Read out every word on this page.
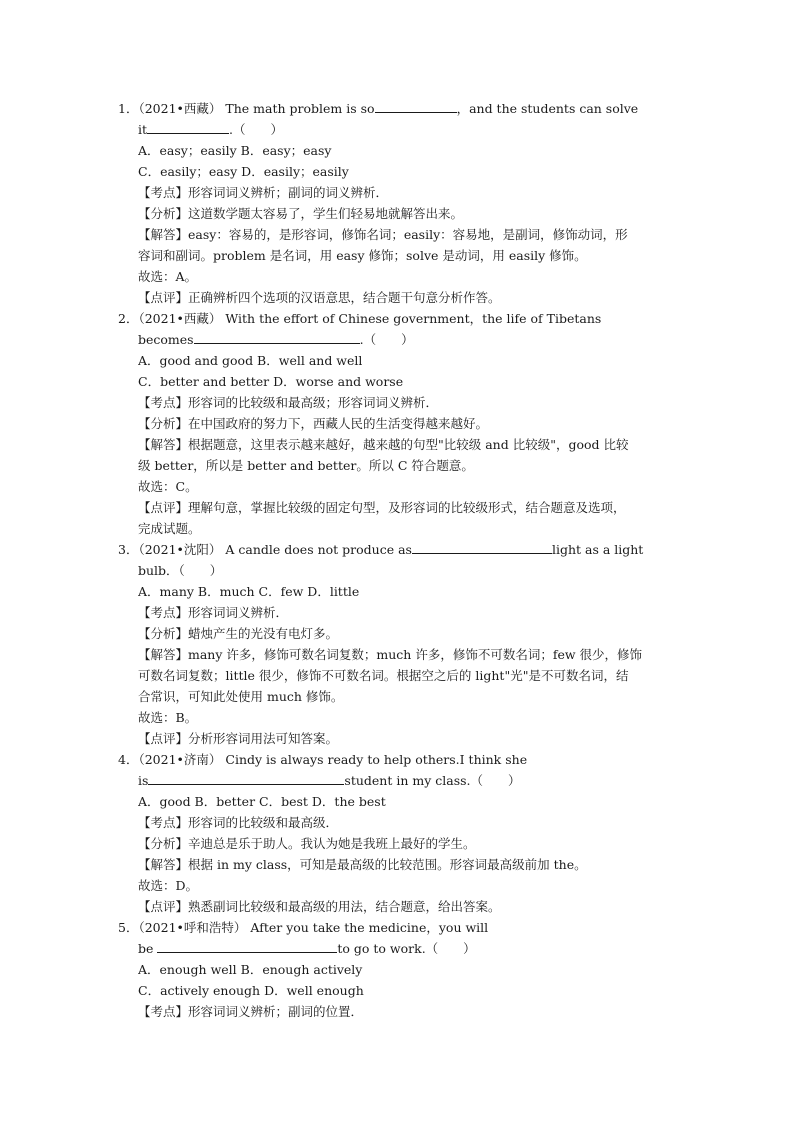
1．（2021•西藏） The math problem is so	，and the students can solve
it	.（　　）
A．easy；easily B．easy；easy
C．easily；easy D．easily；easily
【考点】形容词词义辨析；副词的词义辨析．
【分析】这道数学题太容易了，学生们轻易地就解答出来。
【解答】easy：容易的，是形容词，修饰名词；easily：容易地，是副词，修饰动词，形
容词和副词。problem 是名词，用 easy 修饰；solve 是动词，用 easily 修饰。
故选：A。
【点评】正确辨析四个选项的汉语意思，结合题干句意分析作答。
2．（2021•西藏） With the effort of Chinese government，the life of Tibetans
becomes	.（　　）
A．good and good B．well and well
C．better and better D．worse and worse
【考点】形容词的比较级和最高级；形容词词义辨析．
【分析】在中国政府的努力下，西藏人民的生活变得越来越好。
【解答】根据题意，这里表示越来越好，越来越的句型"比较级 and 比较级"，good 比较
级 better，所以是 better and better。所以 C 符合题意。
故选：C。
【点评】理解句意，掌握比较级的固定句型，及形容词的比较级形式，结合题意及选项，
完成试题。
3．（2021•沈阳） A candle does not produce as	light as a light
bulb．（　　）
A．many B．much C．few D．little
【考点】形容词词义辨析．
【分析】蜡烛产生的光没有电灯多。
【解答】many 许多，修饰可数名词复数；much 许多，修饰不可数名词；few 很少，修饰
可数名词复数；little 很少，修饰不可数名词。根据空之后的 light"光"是不可数名词，结
合常识，可知此处使用 much 修饰。
故选：B。
【点评】分析形容词用法可知答案。
4．（2021•济南） Cindy is always ready to help others.I think she
is	student in my class.（　　）
A．good B．better C．best D．the best
【考点】形容词的比较级和最高级．
【分析】辛迪总是乐于助人。我认为她是我班上最好的学生。
【解答】根据 in my class，可知是最高级的比较范围。形容词最高级前加 the。
故选：D。
【点评】熟悉副词比较级和最高级的用法，结合题意，给出答案。
5．（2021•呼和浩特） After you take the medicine，you will
be	to go to work.（　　）
A．enough well B．enough actively
C．actively enough D．well enough
【考点】形容词词义辨析；副词的位置．
